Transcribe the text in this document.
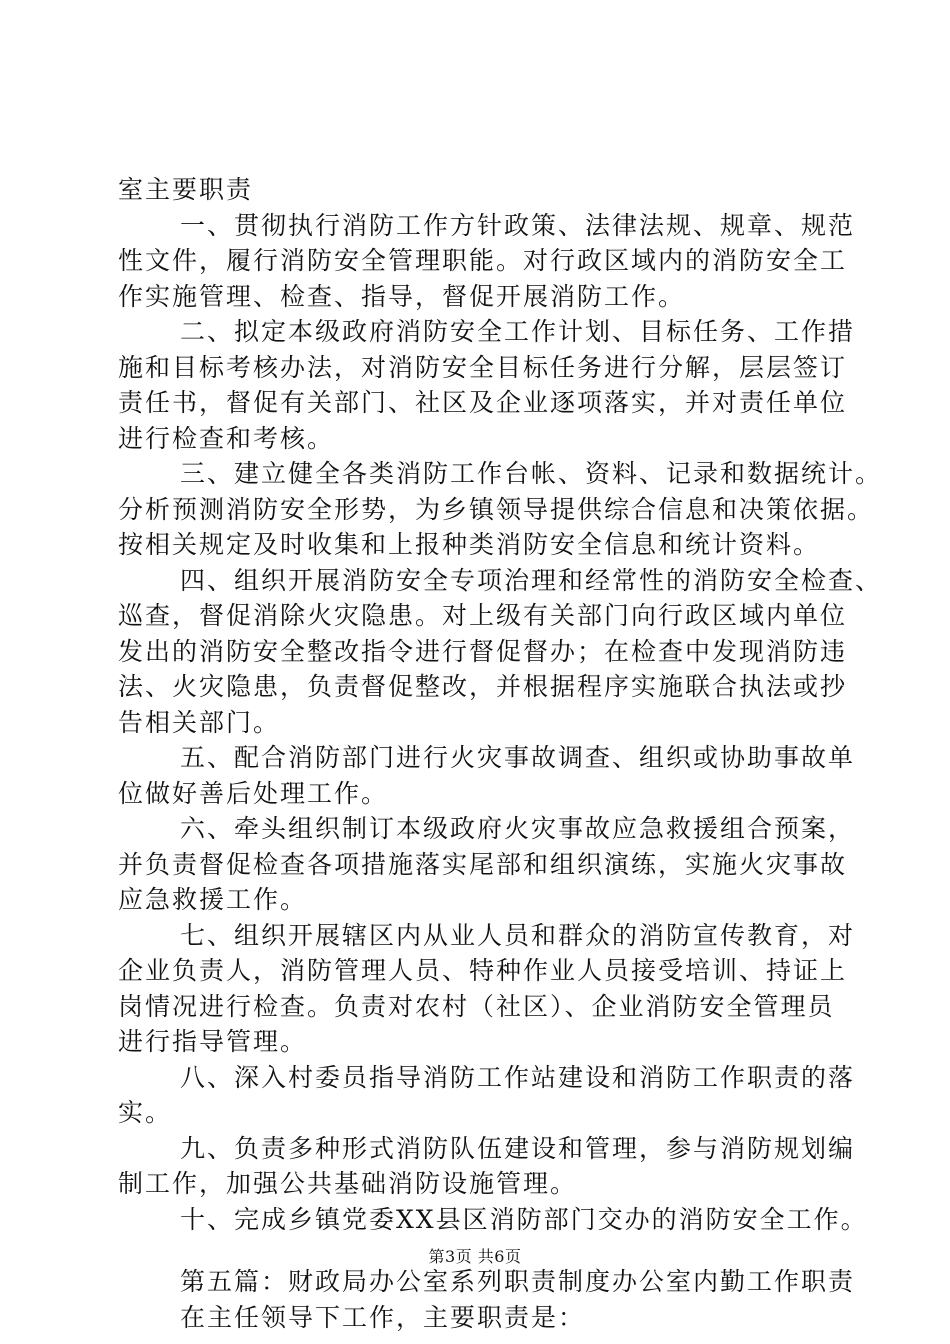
室主要职责
一、贯彻执行消防工作方针政策、法律法规、规章、规范
性文件，履行消防安全管理职能。对行政区域内的消防安全工
作实施管理、检查、指导，督促开展消防工作。
二、拟定本级政府消防安全工作计划、目标任务、工作措
施和目标考核办法，对消防安全目标任务进行分解，层层签订
责任书，督促有关部门、社区及企业逐项落实，并对责任单位
进行检查和考核。
三、建立健全各类消防工作台帐、资料、记录和数据统计。
分析预测消防安全形势，为乡镇领导提供综合信息和决策依据。
按相关规定及时收集和上报种类消防安全信息和统计资料。
四、组织开展消防安全专项治理和经常性的消防安全检查、
巡查，督促消除火灾隐患。对上级有关部门向行政区域内单位
发出的消防安全整改指令进行督促督办；在检查中发现消防违
法、火灾隐患，负责督促整改，并根据程序实施联合执法或抄
告相关部门。
五、配合消防部门进行火灾事故调查、组织或协助事故单
位做好善后处理工作。
六、牵头组织制订本级政府火灾事故应急救援组合预案，
并负责督促检查各项措施落实尾部和组织演练，实施火灾事故
应急救援工作。
七、组织开展辖区内从业人员和群众的消防宣传教育，对
企业负责人，消防管理人员、特种作业人员接受培训、持证上
岗情况进行检查。负责对农村（社区）、企业消防安全管理员
进行指导管理。
八、深入村委员指导消防工作站建设和消防工作职责的落
实。
九、负责多种形式消防队伍建设和管理，参与消防规划编
制工作，加强公共基础消防设施管理。
十、完成乡镇党委XX县区消防部门交办的消防安全工作。
第五篇：财政局办公室系列职责制度办公室内勤工作职责
在主任领导下工作，主要职责是：
第3页 共6页
